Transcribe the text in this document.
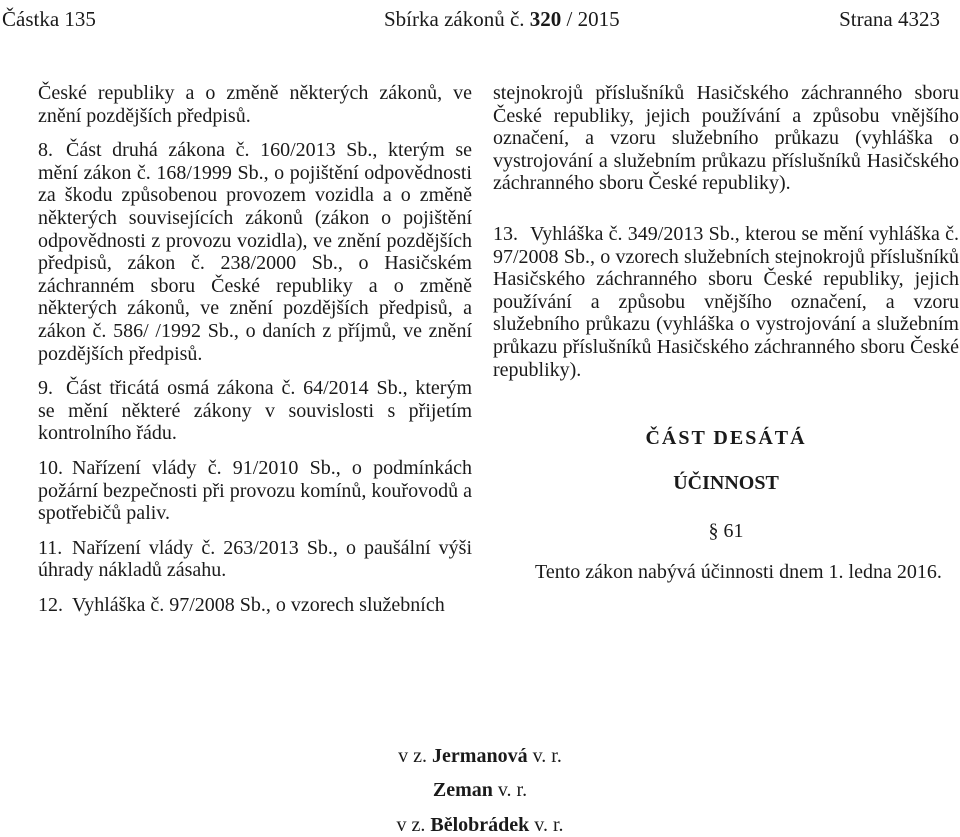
Částka 135	Sbírka zákonů č. 320 / 2015	Strana 4323

České republiky a o změně některých zákonů, ve znění pozdějších předpisů.

8. Část druhá zákona č. 160/2013 Sb., kterým se mění zákon č. 168/1999 Sb., o pojištění odpovědnosti za škodu způsobenou provozem vozidla a o změně některých souvisejících zákonů (zákon o pojištění odpovědnosti z provozu vozidla), ve znění pozdějších předpisů, zákon č. 238/2000 Sb., o Hasičském záchranném sboru České republiky a o změně některých zákonů, ve znění pozdějších předpisů, a zákon č. 586/ /1992 Sb., o daních z příjmů, ve znění pozdějších předpisů.

9. Část třicátá osmá zákona č. 64/2014 Sb., kterým se mění některé zákony v souvislosti s přijetím kontrolního řádu.

10. Nařízení vlády č. 91/2010 Sb., o podmínkách požární bezpečnosti při provozu komínů, kouřovodů a spotřebičů paliv.

11. Nařízení vlády č. 263/2013 Sb., o paušální výši úhrady nákladů zásahu.

12. Vyhláška č. 97/2008 Sb., o vzorech služebních

stejnokrojů příslušníků Hasičského záchranného sboru České republiky, jejich používání a způsobu vnějšího označení, a vzoru služebního průkazu (vyhláška o vystrojování a služebním průkazu příslušníků Hasičského záchranného sboru České republiky).

13. Vyhláška č. 349/2013 Sb., kterou se mění vyhláška č. 97/2008 Sb., o vzorech služebních stejnokrojů příslušníků Hasičského záchranného sboru České republiky, jejich používání a způsobu vnějšího označení, a vzoru služebního průkazu (vyhláška o vystrojování a služebním průkazu příslušníků Hasičského záchranného sboru České republiky).

ČÁST DESÁTÁ

ÚČINNOST

§ 61

Tento zákon nabývá účinnosti dnem 1. ledna 2016.

v z. Jermanová v. r.
Zeman v. r.
v z. Bělobrádek v. r.
